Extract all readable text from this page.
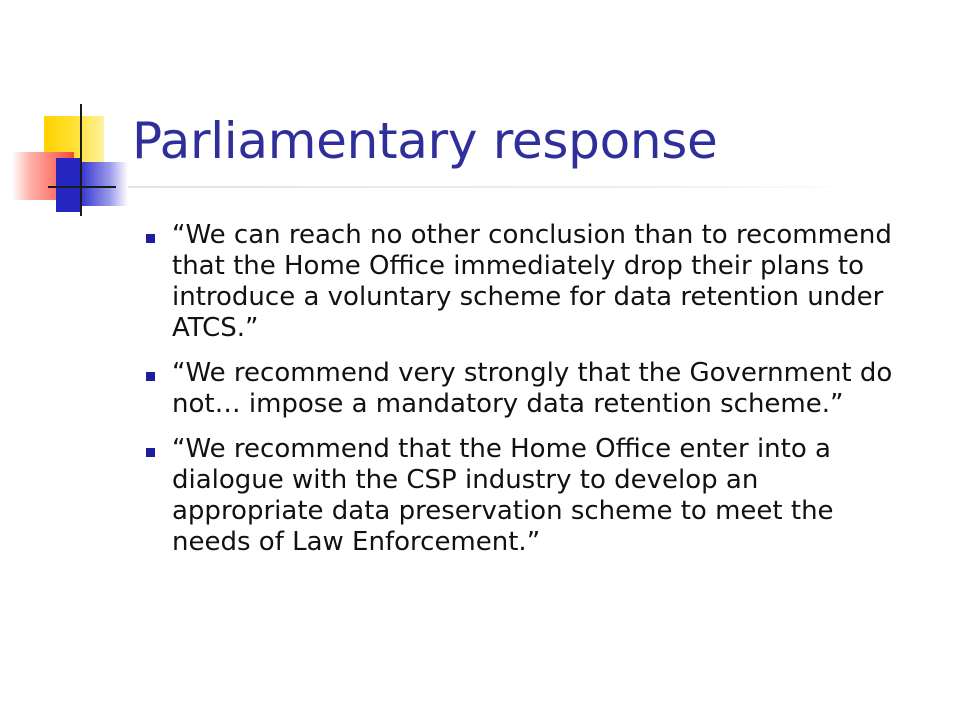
Parliamentary response
“We can reach no other conclusion than to recommend that the Home Office immediately drop their plans to introduce a voluntary scheme for data retention under ATCS.”
“We recommend very strongly that the Government do not… impose a mandatory data retention scheme.”
“We recommend that the Home Office enter into a dialogue with the CSP industry to develop an appropriate data preservation scheme to meet the needs of Law Enforcement.”
